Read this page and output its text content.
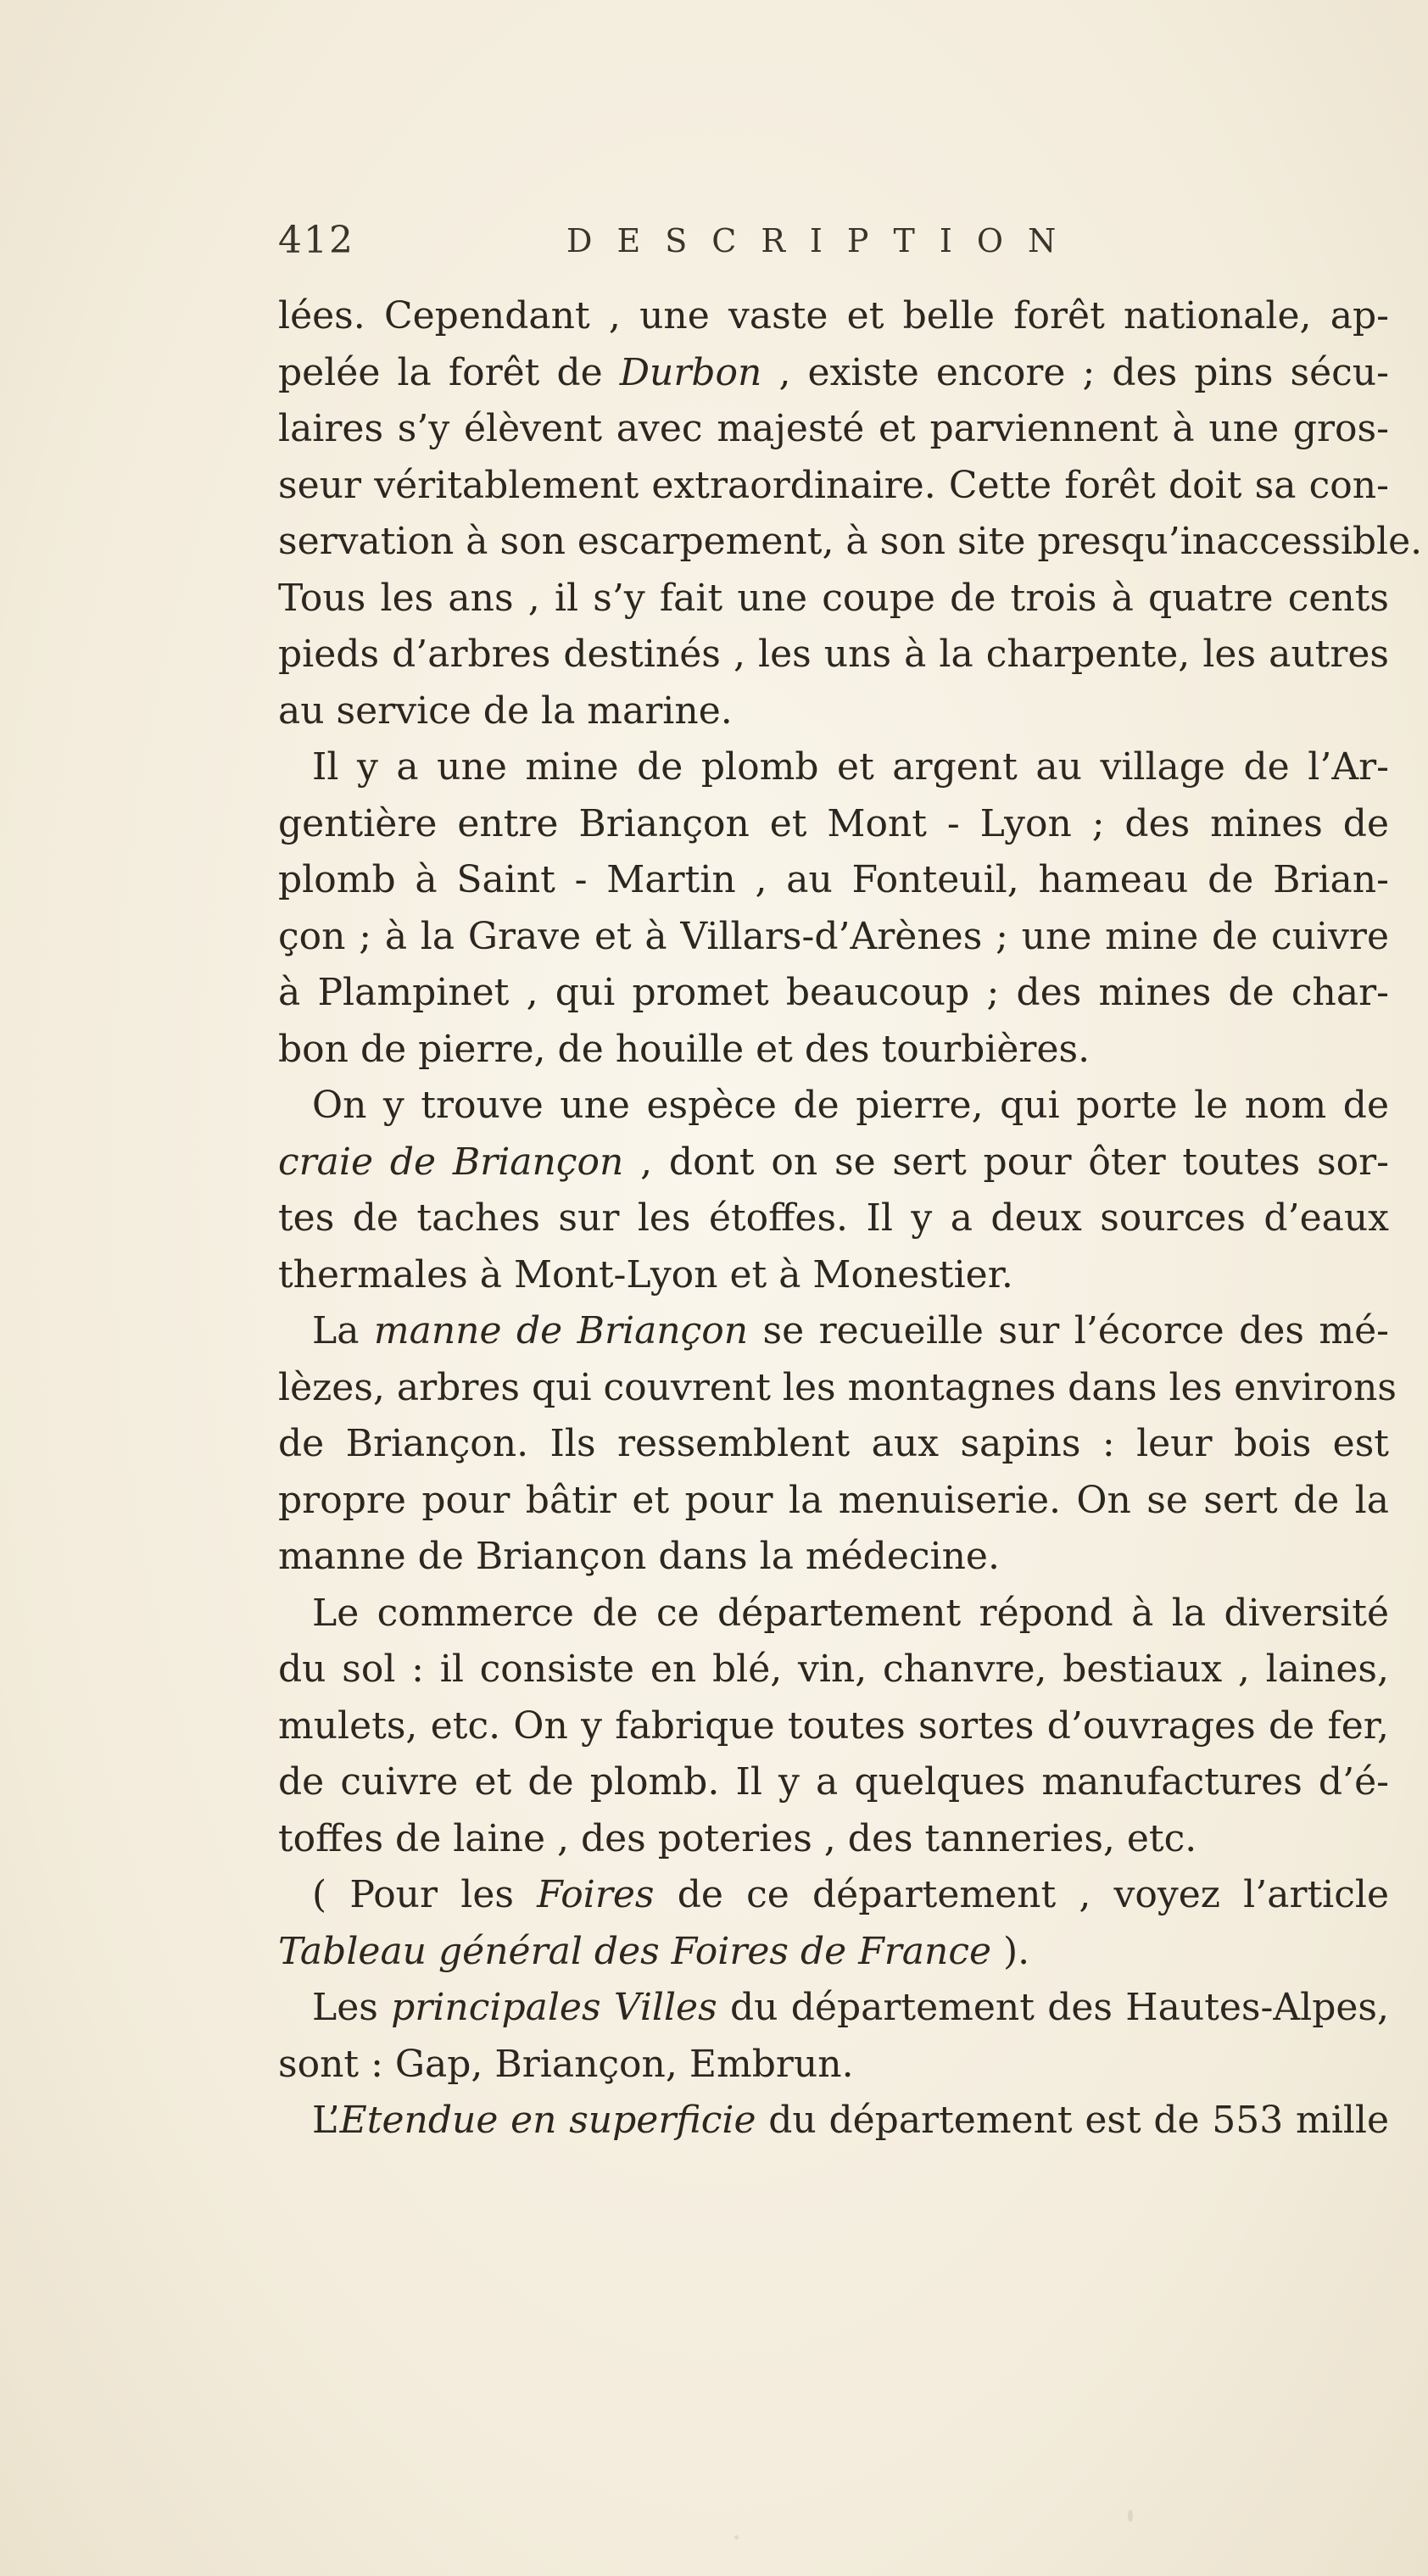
412	DESCRIPTION
lées. Cependant , une vaste et belle forêt nationale, ap-
pelée la forêt de Durbon , existe encore ; des pins sécu-
laires s’y élèvent avec majesté et parviennent à une gros-
seur véritablement extraordinaire. Cette forêt doit sa con-
servation à son escarpement, à son site presqu’inaccessible.
Tous les ans , il s’y fait une coupe de trois à quatre cents
pieds d’arbres destinés , les uns à la charpente, les autres
au service de la marine.
Il y a une mine de plomb et argent au village de l’Ar-
gentière entre Briançon et Mont - Lyon ; des mines de
plomb à Saint - Martin , au Fonteuil, hameau de Brian-
çon ; à la Grave et à Villars-d’Arènes ; une mine de cuivre
à Plampinet , qui promet beaucoup ; des mines de char-
bon de pierre, de houille et des tourbières.
On y trouve une espèce de pierre, qui porte le nom de
craie de Briançon , dont on se sert pour ôter toutes sor-
tes de taches sur les étoffes. Il y a deux sources d’eaux
thermales à Mont-Lyon et à Monestier.
La manne de Briançon se recueille sur l’écorce des mé-
lèzes, arbres qui couvrent les montagnes dans les environs
de Briançon. Ils ressemblent aux sapins : leur bois est
propre pour bâtir et pour la menuiserie. On se sert de la
manne de Briançon dans la médecine.
Le commerce de ce département répond à la diversité
du sol : il consiste en blé, vin, chanvre, bestiaux , laines,
mulets, etc. On y fabrique toutes sortes d’ouvrages de fer,
de cuivre et de plomb. Il y a quelques manufactures d’é-
toffes de laine , des poteries , des tanneries, etc.
( Pour les Foires de ce département , voyez l’article
Tableau général des Foires de France ).
Les principales Villes du département des Hautes-Alpes,
sont : Gap, Briançon, Embrun.
L’Etendue en superficie du département est de 553 mille
